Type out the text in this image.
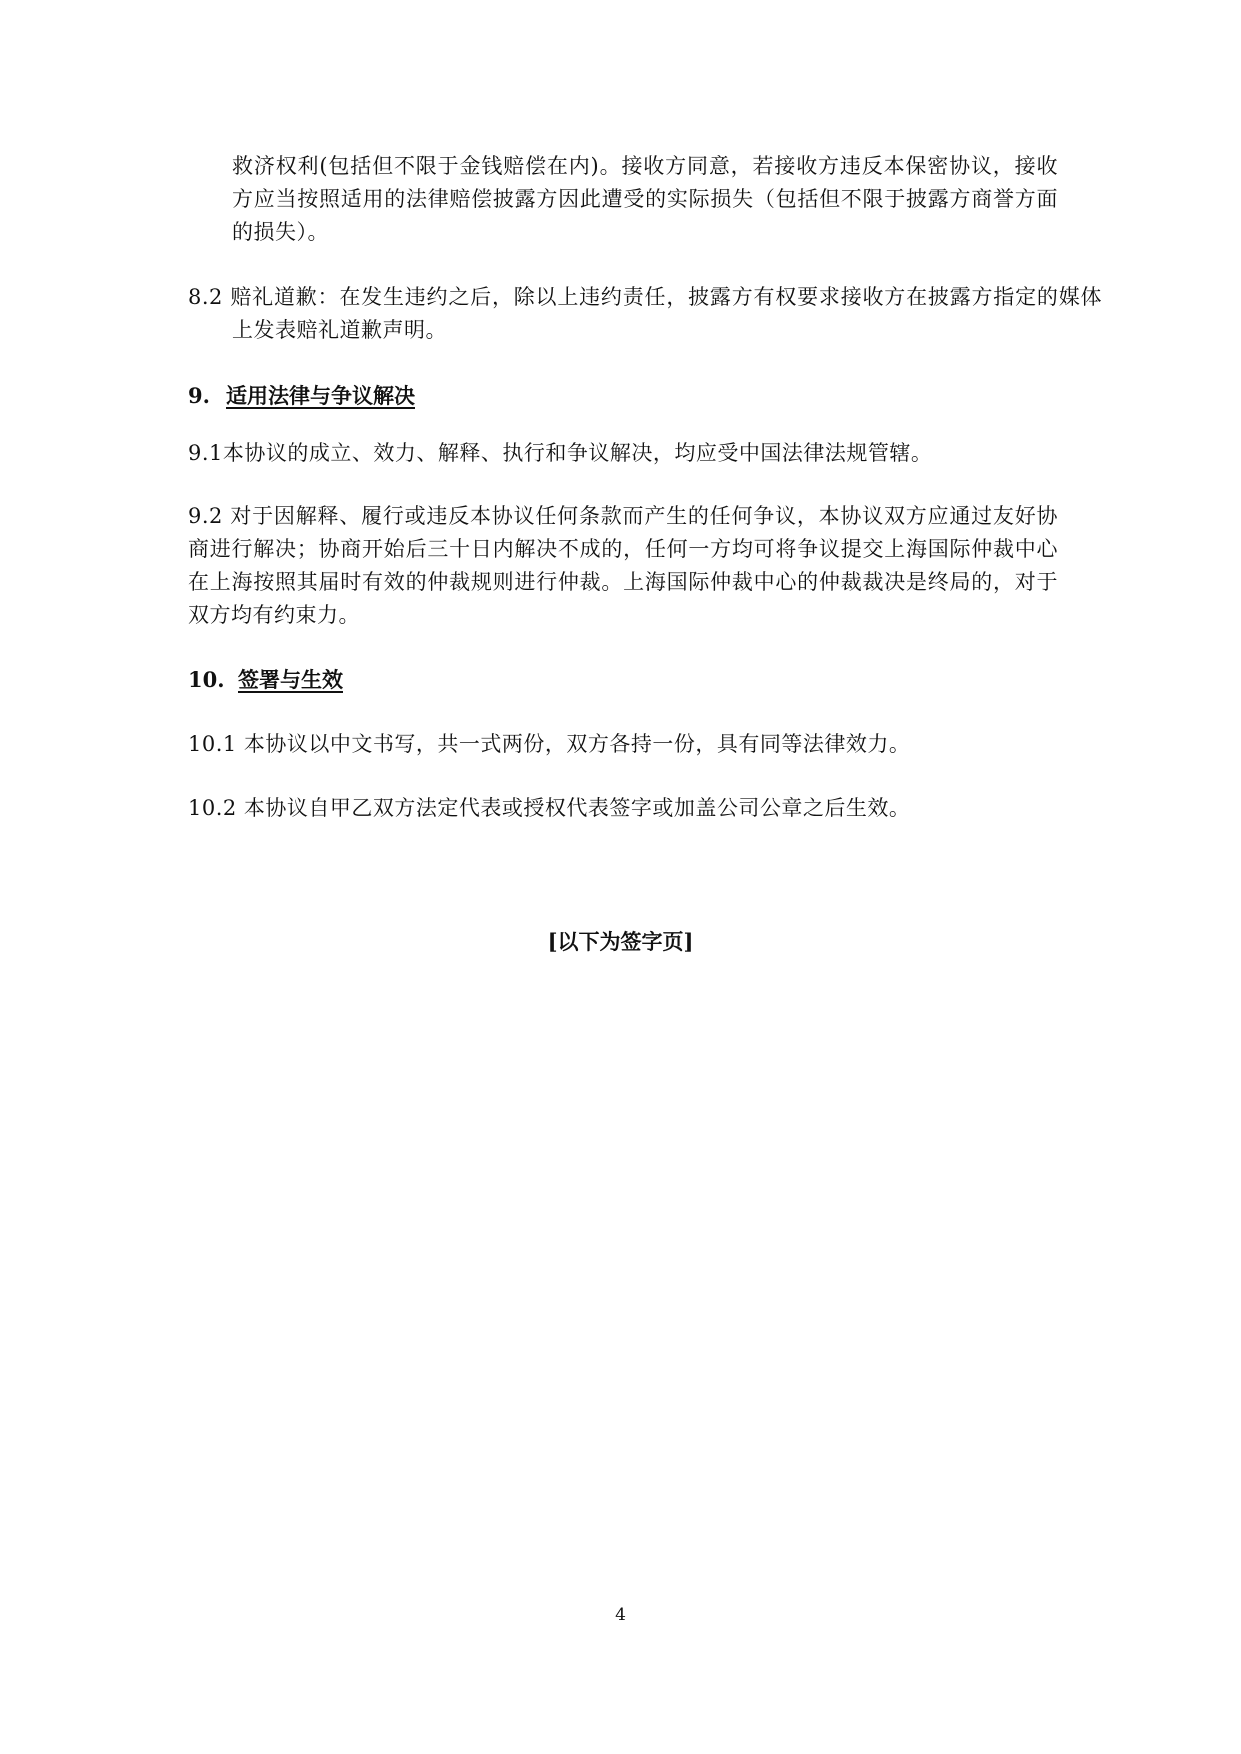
救济权利(包括但不限于金钱赔偿在内)。接收方同意，若接收方违反本保密协议，接收方应当按照适用的法律赔偿披露方因此遭受的实际损失（包括但不限于披露方商誉方面的损失）。
8.2 赔礼道歉：在发生违约之后，除以上违约责任，披露方有权要求接收方在披露方指定的媒体上发表赔礼道歉声明。
9. 适用法律与争议解决
9.1本协议的成立、效力、解释、执行和争议解决，均应受中国法律法规管辖。
9.2 对于因解释、履行或违反本协议任何条款而产生的任何争议，本协议双方应通过友好协商进行解决；协商开始后三十日内解决不成的，任何一方均可将争议提交上海国际仲裁中心在上海按照其届时有效的仲裁规则进行仲裁。上海国际仲裁中心的仲裁裁决是终局的，对于双方均有约束力。
10. 签署与生效
10.1 本协议以中文书写，共一式两份，双方各持一份，具有同等法律效力。
10.2 本协议自甲乙双方法定代表或授权代表签字或加盖公司公章之后生效。
[以下为签字页]
4
